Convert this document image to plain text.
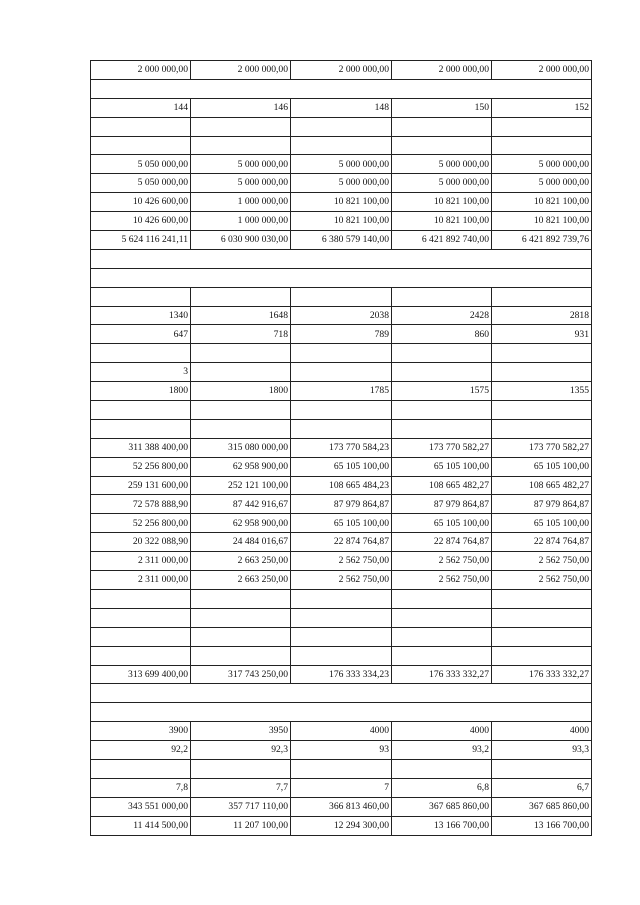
2 000 000,00	2 000 000,00	2 000 000,00	2 000 000,00	2 000 000,00

144	146	148	150	152

5 050 000,00	5 000 000,00	5 000 000,00	5 000 000,00	5 000 000,00
5 050 000,00	5 000 000,00	5 000 000,00	5 000 000,00	5 000 000,00
10 426 600,00	1 000 000,00	10 821 100,00	10 821 100,00	10 821 100,00
10 426 600,00	1 000 000,00	10 821 100,00	10 821 100,00	10 821 100,00
5 624 116 241,11	6 030 900 030,00	6 380 579 140,00	6 421 892 740,00	6 421 892 739,76

1340	1648	2038	2428	2818
647	718	789	860	931

3				
1800	1800	1785	1575	1355

311 388 400,00	315 080 000,00	173 770 584,23	173 770 582,27	173 770 582,27
52 256 800,00	62 958 900,00	65 105 100,00	65 105 100,00	65 105 100,00
259 131 600,00	252 121 100,00	108 665 484,23	108 665 482,27	108 665 482,27
72 578 888,90	87 442 916,67	87 979 864,87	87 979 864,87	87 979 864,87
52 256 800,00	62 958 900,00	65 105 100,00	65 105 100,00	65 105 100,00
20 322 088,90	24 484 016,67	22 874 764,87	22 874 764,87	22 874 764,87
2 311 000,00	2 663 250,00	2 562 750,00	2 562 750,00	2 562 750,00
2 311 000,00	2 663 250,00	2 562 750,00	2 562 750,00	2 562 750,00

313 699 400,00	317 743 250,00	176 333 334,23	176 333 332,27	176 333 332,27

3900	3950	4000	4000	4000
92,2	92,3	93	93,2	93,3

7,8	7,7	7	6,8	6,7
343 551 000,00	357 717 110,00	366 813 460,00	367 685 860,00	367 685 860,00
11 414 500,00	11 207 100,00	12 294 300,00	13 166 700,00	13 166 700,00
